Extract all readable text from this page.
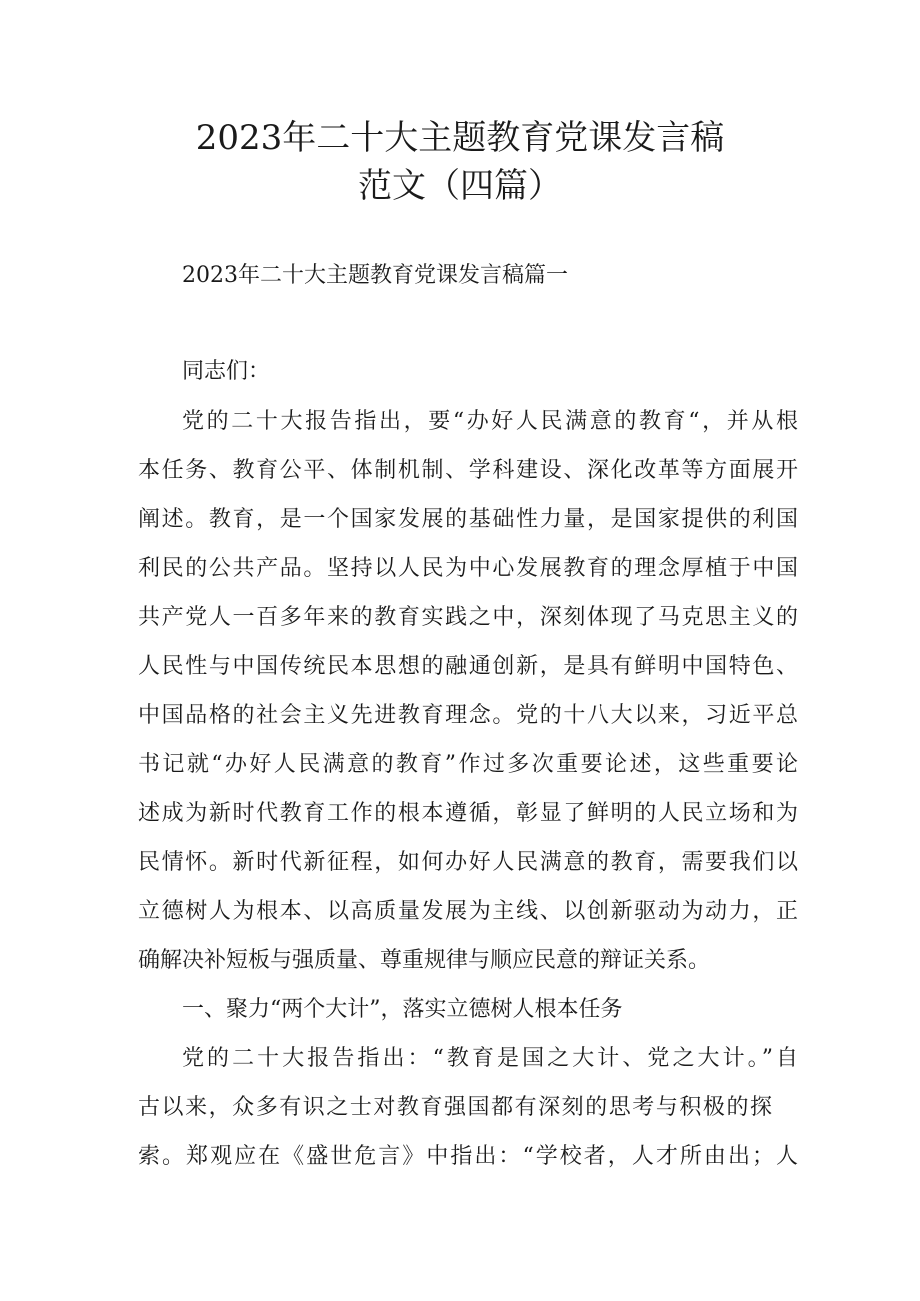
2023年二十大主题教育党课发言稿
范文（四篇）
2023年二十大主题教育党课发言稿篇一
同志们：
党的二十大报告指出，要“办好人民满意的教育“，并从根
本任务、教育公平、体制机制、学科建设、深化改革等方面展开
阐述。教育，是一个国家发展的基础性力量，是国家提供的利国
利民的公共产品。坚持以人民为中心发展教育的理念厚植于中国
共产党人一百多年来的教育实践之中，深刻体现了马克思主义的
人民性与中国传统民本思想的融通创新，是具有鲜明中国特色、
中国品格的社会主义先进教育理念。党的十八大以来，习近平总
书记就“办好人民满意的教育”作过多次重要论述，这些重要论
述成为新时代教育工作的根本遵循，彰显了鲜明的人民立场和为
民情怀。新时代新征程，如何办好人民满意的教育，需要我们以
立德树人为根本、以高质量发展为主线、以创新驱动为动力，正
确解决补短板与强质量、尊重规律与顺应民意的辩证关系。
一、聚力“两个大计”，落实立德树人根本任务
党的二十大报告指出：“教育是国之大计、党之大计。”自
古以来，众多有识之士对教育强国都有深刻的思考与积极的探
索。郑观应在《盛世危言》中指出：“学校者，人才所由出；人
